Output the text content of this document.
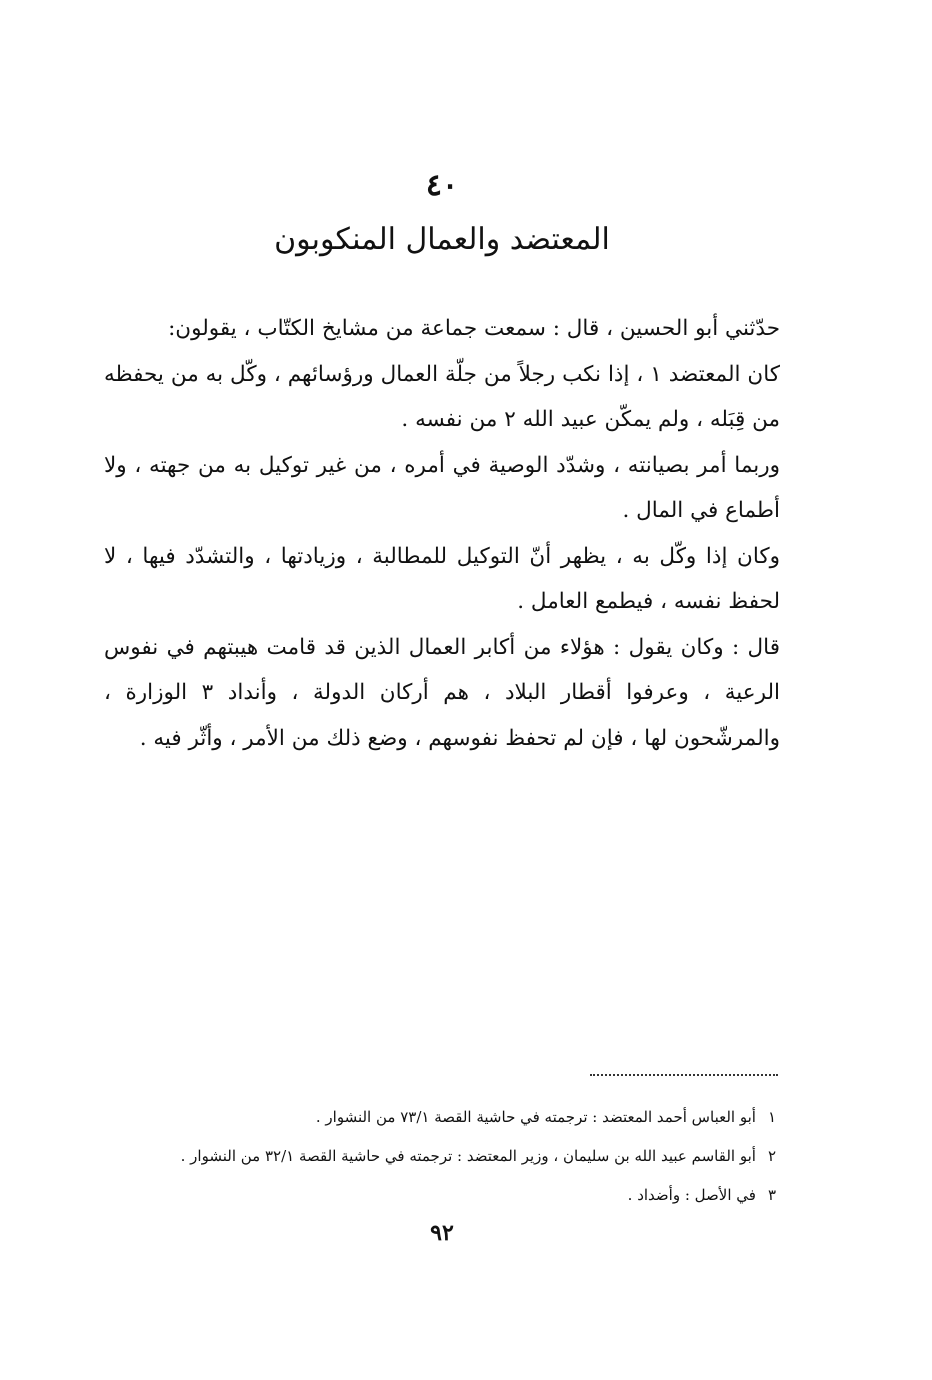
٤٠
المعتضد والعمال المنكوبون

حدّثني أبو الحسين ، قال : سمعت جماعة من مشايخ الكتّاب ، يقولون:

كان المعتضد ١ ، إذا نكب رجلاً من جلّة العمال ورؤسائهم ، وكّل به من يحفظه من قِبَله ، ولم يمكّن عبيد الله ٢ من نفسه .

وربما أمر بصيانته ، وشدّد الوصية في أمره ، من غير توكيل به من جهته ، ولا أطماع في المال .

وكان إذا وكّل به ، يظهر أنّ التوكيل للمطالبة ، وزيادتها ، والتشدّد فيها ، لا لحفظ نفسه ، فيطمع العامل .

قال : وكان يقول : هؤلاء من أكابر العمال الذين قد قامت هيبتهم في نفوس الرعية ، وعرفوا أقطار البلاد ، هم أركان الدولة ، وأنداد ٣ الوزارة ، والمرشّحون لها ، فإن لم تحفظ نفوسهم ، وضع ذلك من الأمر ، وأثّر فيه .

١أبو العباس أحمد المعتضد : ترجمته في حاشية القصة ٧٣/١ من النشوار .
٢أبو القاسم عبيد الله بن سليمان ، وزير المعتضد : ترجمته في حاشية القصة ٣٢/١ من النشوار .
٣في الأصل : وأضداد .
٩٢
